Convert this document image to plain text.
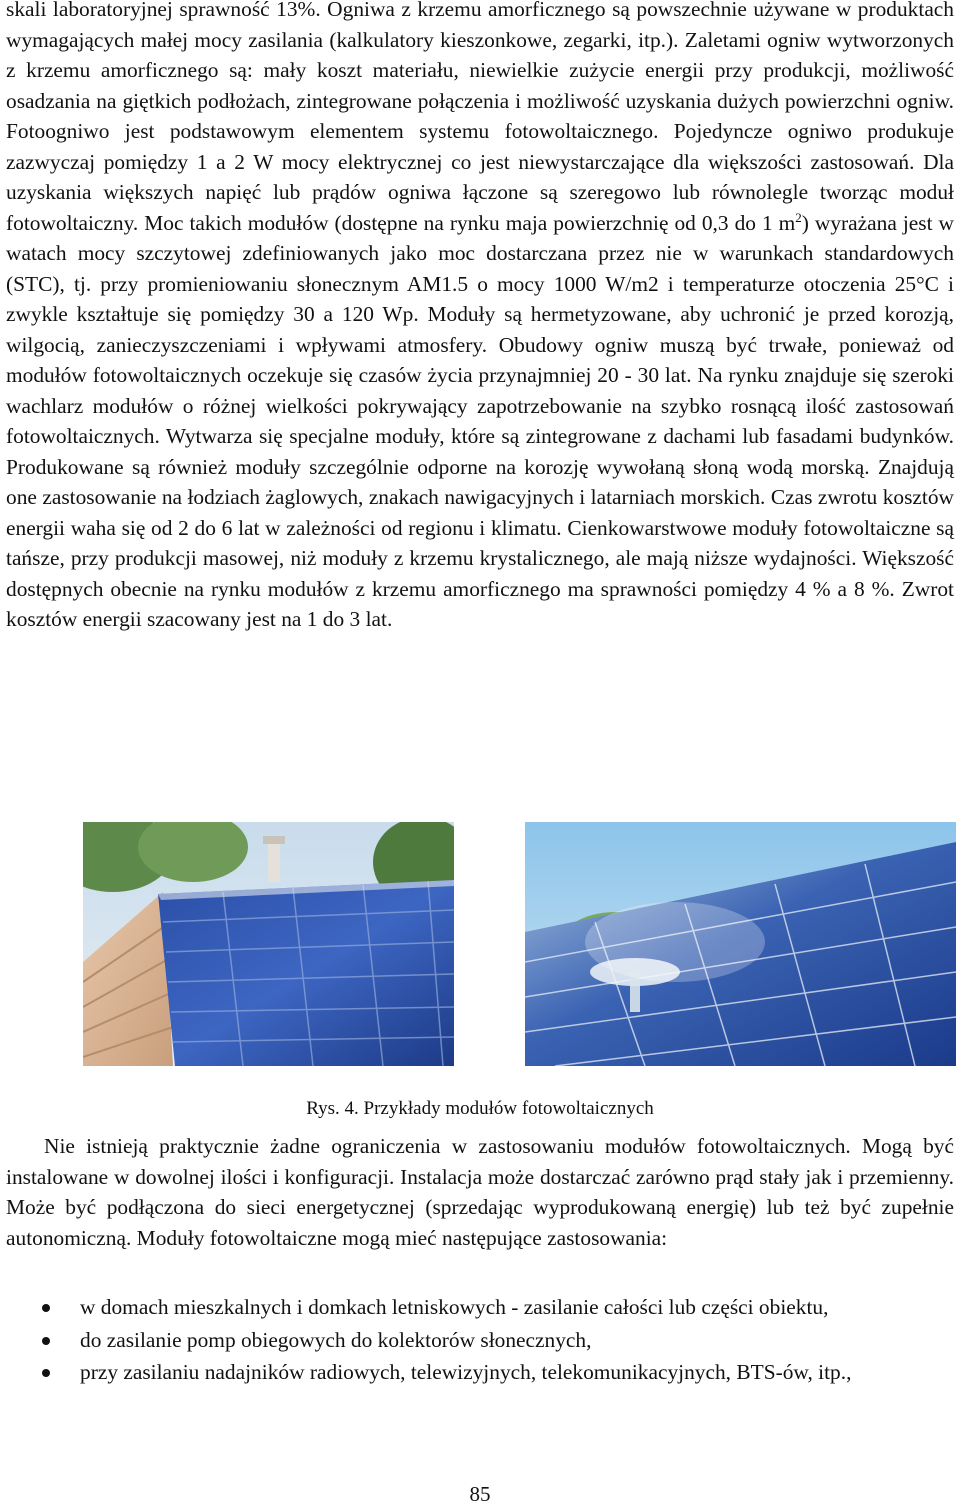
skali laboratoryjnej sprawność 13%. Ogniwa z krzemu amorficznego są powszechnie używane w produktach wymagających małej mocy zasilania (kalkulatory kieszonkowe, zegarki, itp.). Zaletami ogniw wytworzonych z krzemu amorficznego są: mały koszt materiału, niewielkie zużycie energii przy produkcji, możliwość osadzania na giętkich podłożach, zintegrowane połączenia i możliwość uzyskania dużych powierzchni ogniw. Fotoogniwo jest podstawowym elementem systemu fotowoltaicznego. Pojedyncze ogniwo produkuje zazwyczaj pomiędzy 1 a 2 W mocy elektrycznej co jest niewystarczające dla większości zastosowań. Dla uzyskania większych napięć lub prądów ogniwa łączone są szeregowo lub równolegle tworząc moduł fotowoltaiczny. Moc takich modułów (dostępne na rynku maja powierzchnię od 0,3 do 1 $m^2$) wyrażana jest w watach mocy szczytowej zdefiniowanych jako moc dostarczana przez nie w warunkach standardowych (STC), tj. przy promieniowaniu słonecznym AM1.5 o mocy 1000 W/m2 i temperaturze otoczenia 25°C i zwykle kształtuje się pomiędzy 30 a 120 Wp. Moduły są hermetyzowane, aby uchronić je przed korozją, wilgocią, zanieczyszczeniami i wpływami atmosfery. Obudowy ogniw muszą być trwałe, ponieważ od modułów fotowoltaicznych oczekuje się czasów życia przynajmniej 20 - 30 lat. Na rynku znajduje się szeroki wachlarz modułów o różnej wielkości pokrywający zapotrzebowanie na szybko rosnącą ilość zastosowań fotowoltaicznych. Wytwarza się specjalne moduły, które są zintegrowane z dachami lub fasadami budynków. Produkowane są również moduły szczególnie odporne na korozję wywołaną słoną wodą morską. Znajdują one zastosowanie na łodziach żaglowych, znakach nawigacyjnych i latarniach morskich. Czas zwrotu kosztów energii waha się od 2 do 6 lat w zależności od regionu i klimatu. Cienkowarstwowe moduły fotowoltaiczne są tańsze, przy produkcji masowej, niż moduły z krzemu krystalicznego, ale mają niższe wydajności. Większość dostępnych obecnie na rynku modułów z krzemu amorficznego ma sprawności pomiędzy 4 % a 8 %. Zwrot kosztów energii szacowany jest na 1 do 3 lat.

Rys. 4. Przykłady modułów fotowoltaicznych

Nie istnieją praktycznie żadne ograniczenia w zastosowaniu modułów fotowoltaicznych. Mogą być instalowane w dowolnej ilości i konfiguracji. Instalacja może dostarczać zarówno prąd stały jak i przemienny. Może być podłączona do sieci energetycznej (sprzedając wyprodukowaną energię) lub też być zupełnie autonomiczną. Moduły fotowoltaiczne mogą mieć następujące zastosowania:

w domach mieszkalnych i domkach letniskowych - zasilanie całości lub części obiektu,
do zasilanie pomp obiegowych do kolektorów słonecznych,
przy zasilaniu nadajników radiowych, telewizyjnych, telekomunikacyjnych, BTS-ów, itp.,
85
